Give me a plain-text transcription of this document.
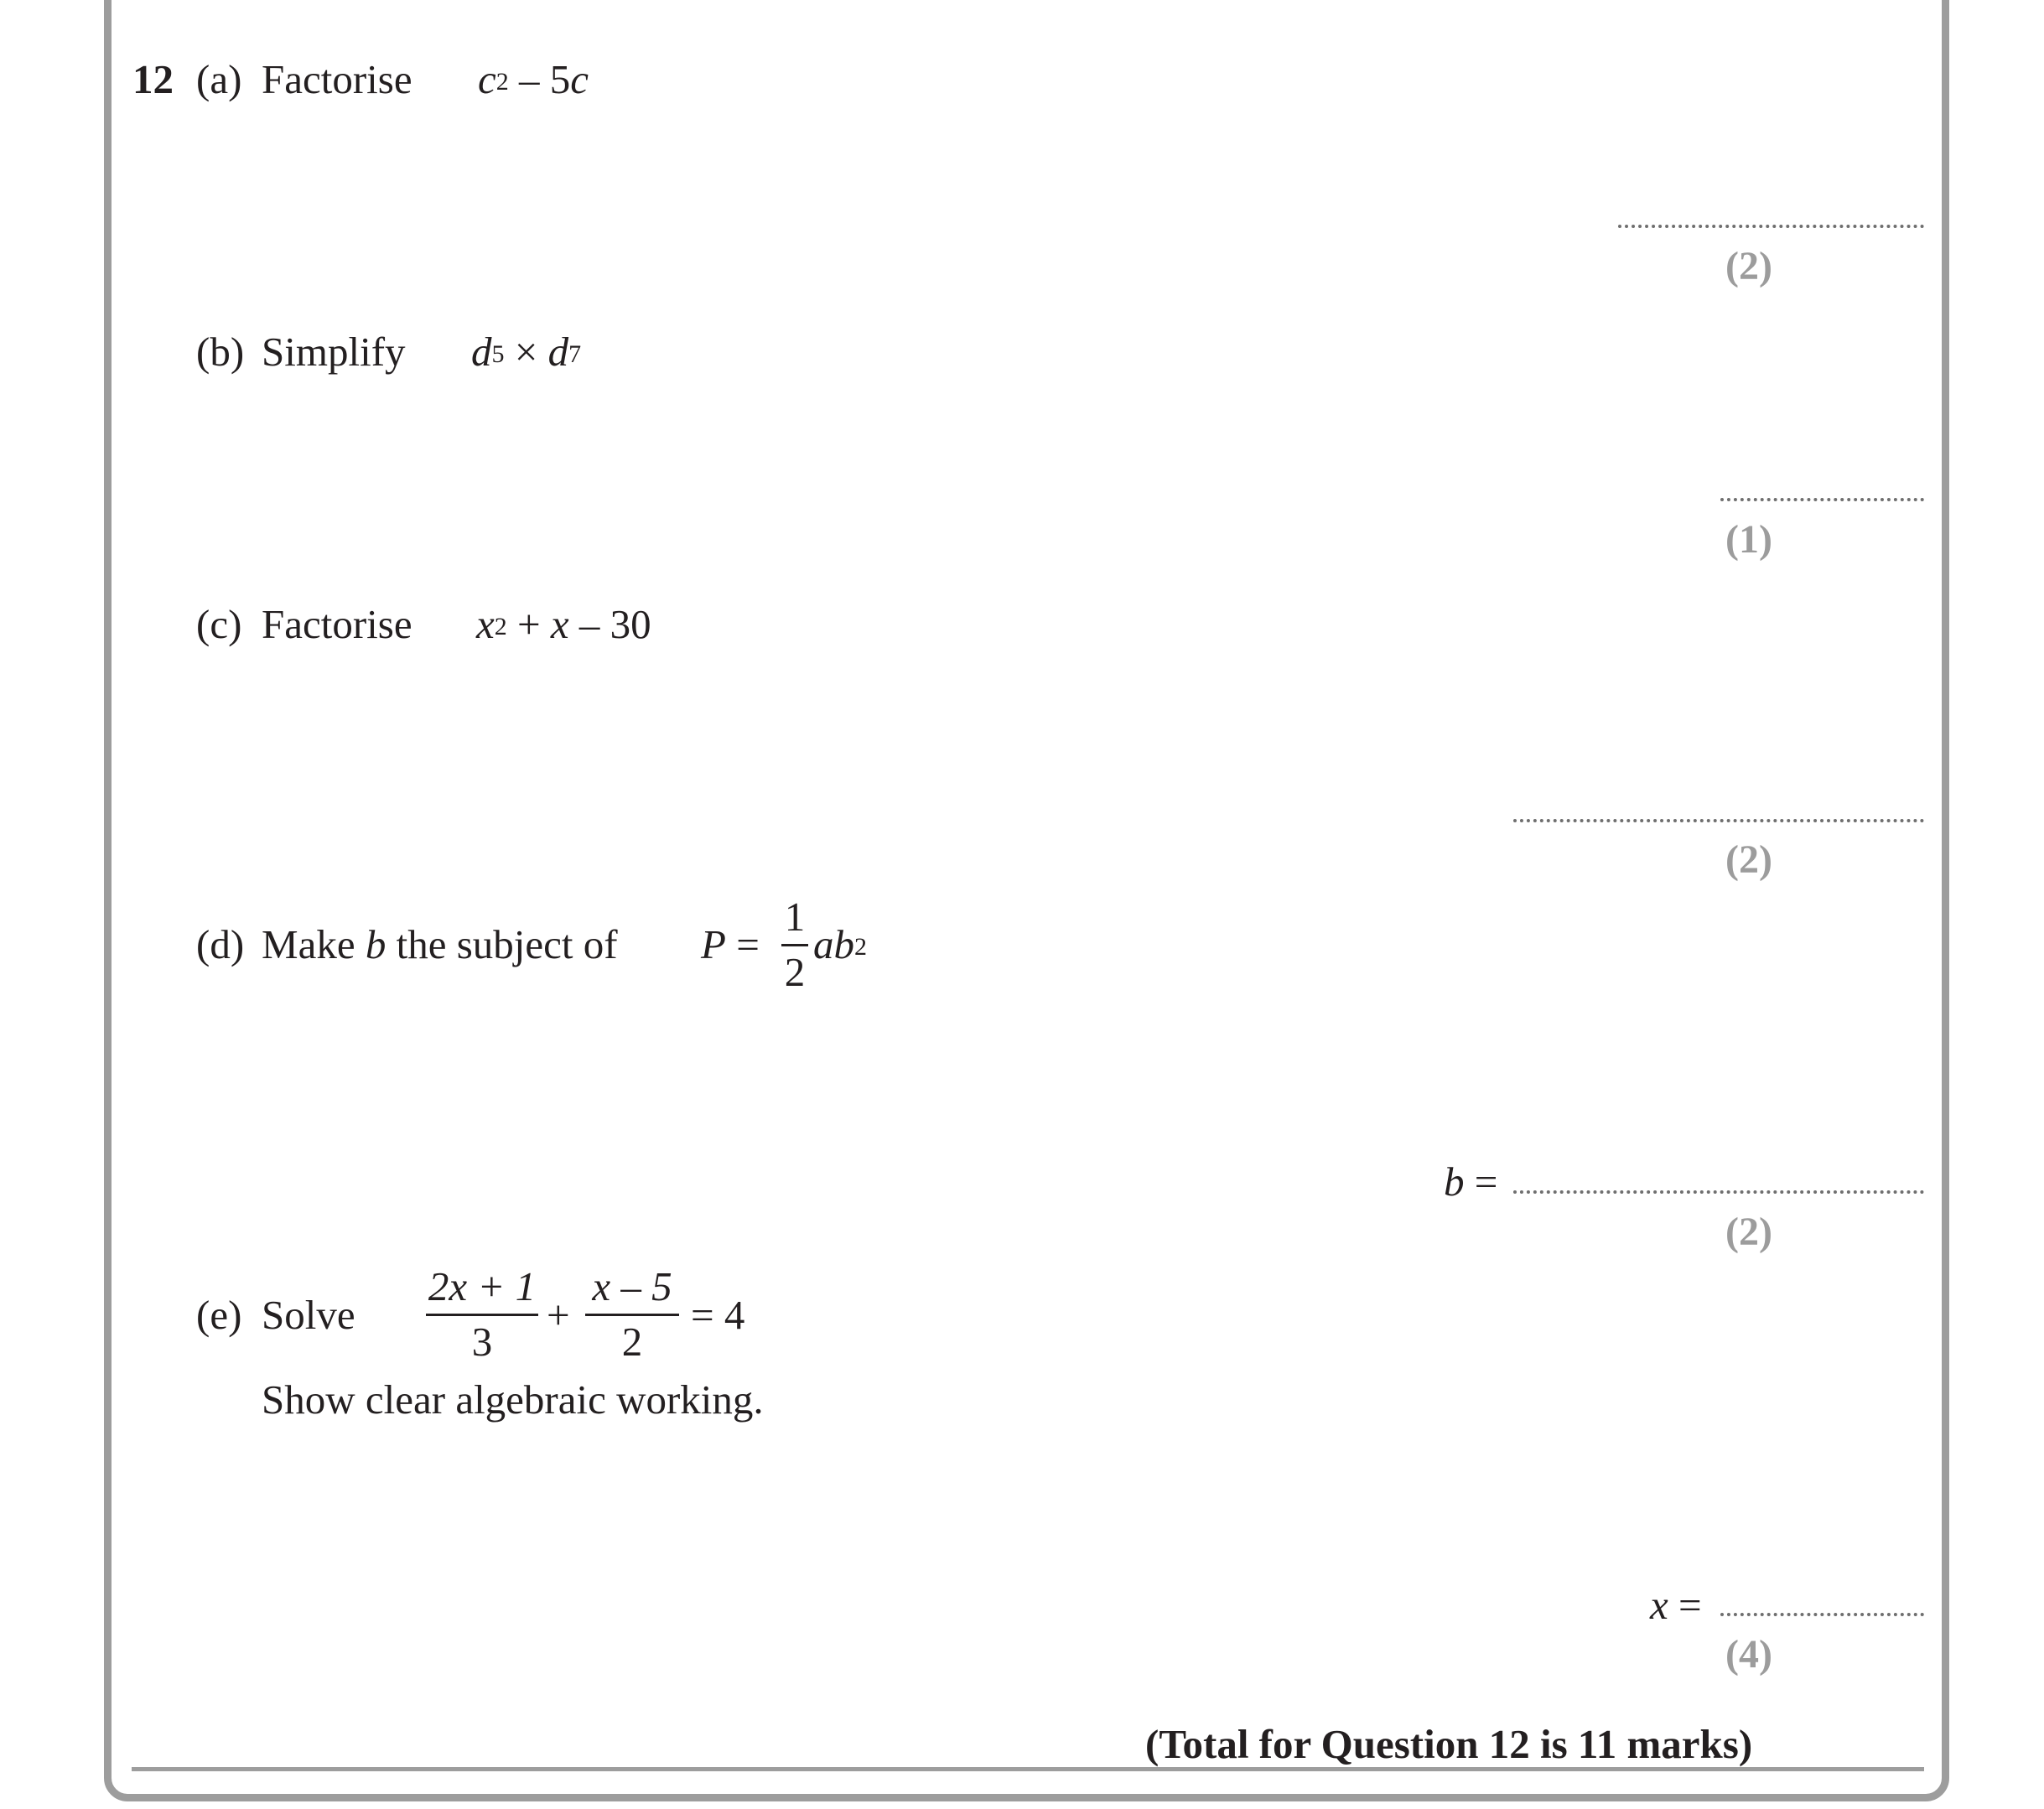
12 (a) Factorise $c^2 - 5c$
(2)
(b) Simplify $d^5 \times d^7$
(1)
(c) Factorise $x^2 + x - 30$
(2)
(d) Make b the subject of P =
1
2
$ab^2$
b =
(2)
(e) Solve
2x + 1
3
+
x – 5
2
= 4
Show clear algebraic working.
x =
(4)
(Total for Question 12 is 11 marks)
